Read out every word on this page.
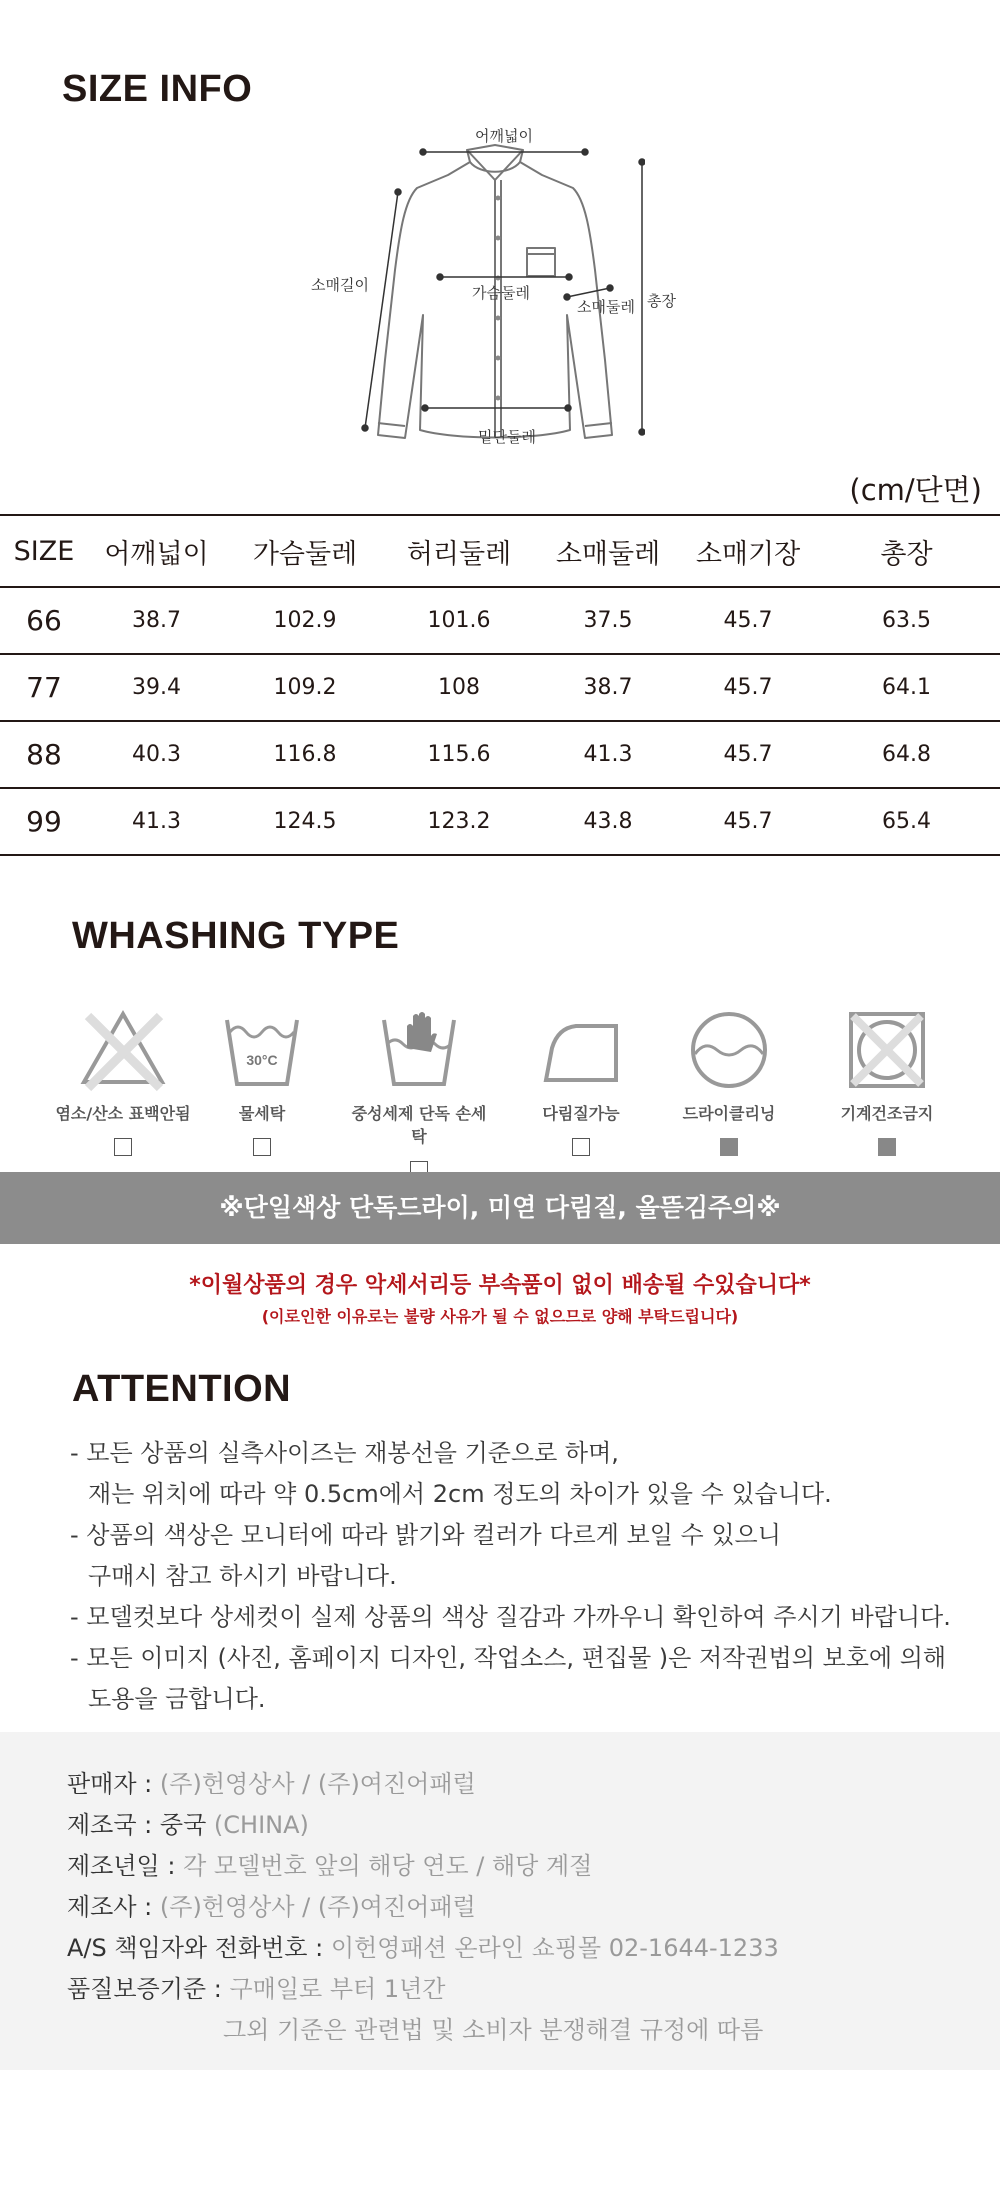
SIZE INFO
어깨넓이
소매길이	가슴둘레
소매둘레 총장
밑단둘레
(cm/단면)
SIZE	어깨넓이	가슴둘레	허리둘레	소매둘레	소매기장	총장
66	38.7	102.9	101.6	37.5	45.7	63.5
77	39.4	109.2	108	38.7	45.7	64.1
88	40.3	116.8	115.6	41.3	45.7	64.8
99	41.3	124.5	123.2	43.8	45.7	65.4
WHASHING TYPE
염소/산소 표백안됨
30°C
물세탁	중성세제 단독 손세탁
다림질가능	드라이클리닝	기계건조금지
※단일색상 단독드라이, 미엳 다림질, 올뜯김주의※
*이월상품의 경우 악세서리등 부속품이 없이 배송될 수있습니다*
(이로인한 이유로는 불량 사유가 될 수 없으므로 양해 부탁드립니다)
ATTENTION
- 모든 상품의 실측사이즈는 재봉선을 기준으로 하며,
재는 위치에 따라 약 0.5cm에서 2cm 정도의 차이가 있을 수 있습니다.
- 상품의 색상은 모니터에 따라 밝기와 컬러가 다르게 보일 수 있으니
구매시 참고 하시기 바랍니다.
- 모델컷보다 상세컷이 실제 상품의 색상 질감과 가까우니 확인하여 주시기 바랍니다.
- 모든 이미지 (사진, 홈페이지 디자인, 작업소스, 편집물 )은 저작권법의 보호에 의해
도용을 금합니다.
판매자 : (주)헌영상사 / (주)여진어패럴
제조국 : 중국 (CHINA)
제조년일 : 각 모델번호 앞의 해당 연도 / 해당 계절
제조사 : (주)헌영상사 / (주)여진어패럴
A/S 책임자와 전화번호 : 이헌영패션 온라인 쇼핑몰 02-1644-1233
품질보증기준 : 구매일로 부터 1년간
그외 기준은 관련법 및 소비자 분쟁해결 규정에 따름
